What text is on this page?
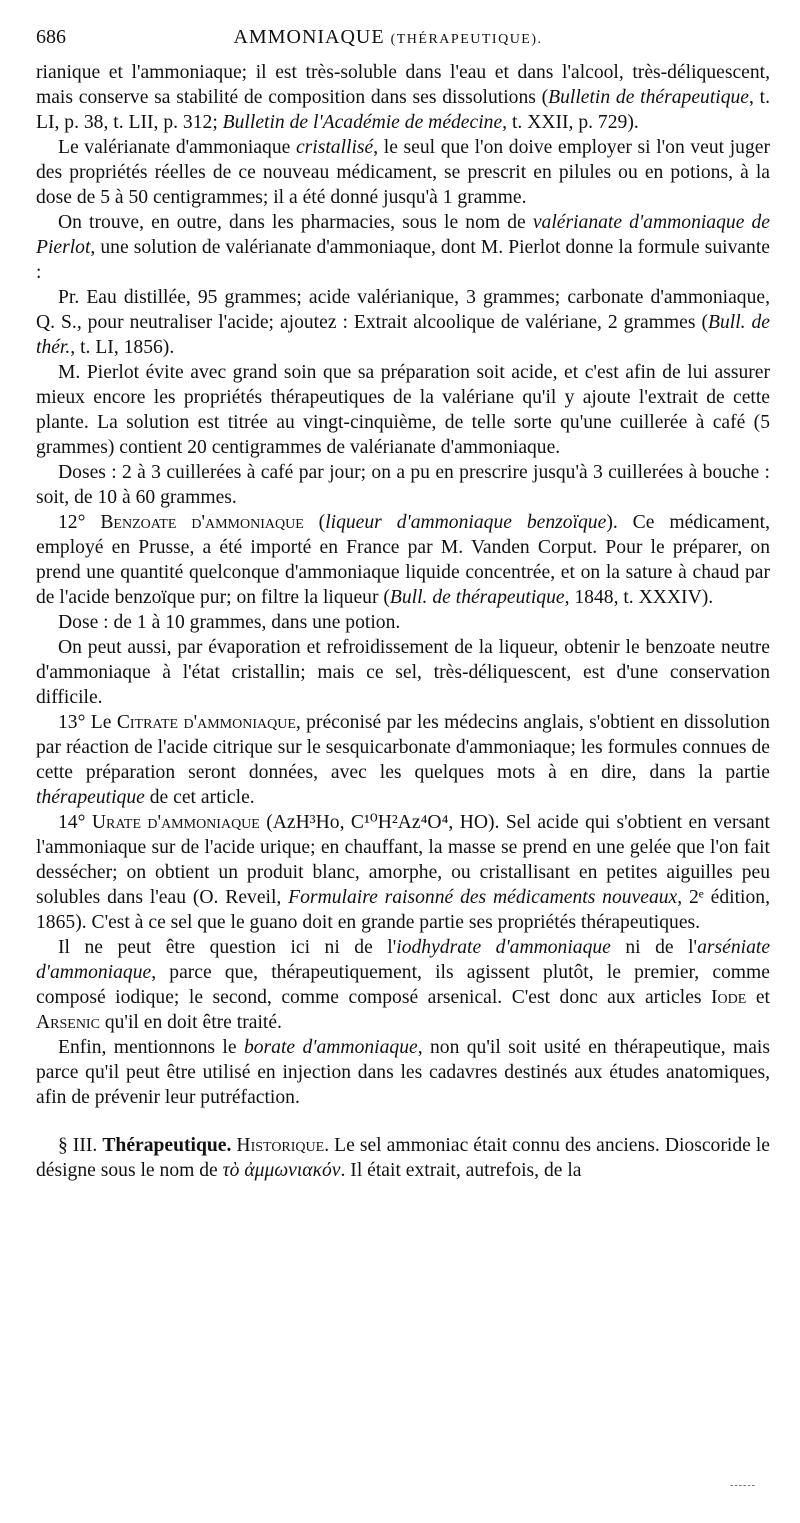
686	AMMONIAQUE (THÉRAPEUTIQUE).

rianique et l'ammoniaque; il est très-soluble dans l'eau et dans l'alcool, très-déliquescent, mais conserve sa stabilité de composition dans ses dissolutions (Bulletin de thérapeutique, t. LI, p. 38, t. LII, p. 312; Bulletin de l'Académie de médecine, t. XXII, p. 729).

Le valérianate d'ammoniaque cristallisé, le seul que l'on doive employer si l'on veut juger des propriétés réelles de ce nouveau médicament, se prescrit en pilules ou en potions, à la dose de 5 à 50 centigrammes; il a été donné jusqu'à 1 gramme.

On trouve, en outre, dans les pharmacies, sous le nom de valérianate d'ammoniaque de Pierlot, une solution de valérianate d'ammoniaque, dont M. Pierlot donne la formule suivante :

Pr. Eau distillée, 95 grammes; acide valérianique, 3 grammes; carbonate d'ammoniaque, Q. S., pour neutraliser l'acide; ajoutez : Extrait alcoolique de valériane, 2 grammes (Bull. de thér., t. LI, 1856).

M. Pierlot évite avec grand soin que sa préparation soit acide, et c'est afin de lui assurer mieux encore les propriétés thérapeutiques de la valériane qu'il y ajoute l'extrait de cette plante. La solution est titrée au vingt-cinquième, de telle sorte qu'une cuillerée à café (5 grammes) contient 20 centigrammes de valérianate d'ammoniaque.

Doses : 2 à 3 cuillerées à café par jour; on a pu en prescrire jusqu'à 3 cuillerées à bouche : soit, de 10 à 60 grammes.

12° Benzoate d'ammoniaque (liqueur d'ammoniaque benzoïque). Ce médicament, employé en Prusse, a été importé en France par M. Vanden Corput. Pour le préparer, on prend une quantité quelconque d'ammoniaque liquide concentrée, et on la sature à chaud par de l'acide benzoïque pur; on filtre la liqueur (Bull. de thérapeutique, 1848, t. XXXIV).

Dose : de 1 à 10 grammes, dans une potion.

On peut aussi, par évaporation et refroidissement de la liqueur, obtenir le benzoate neutre d'ammoniaque à l'état cristallin; mais ce sel, très-déliquescent, est d'une conservation difficile.

13° Le Citrate d'ammoniaque, préconisé par les médecins anglais, s'obtient en dissolution par réaction de l'acide citrique sur le sesquicarbonate d'ammoniaque; les formules connues de cette préparation seront données, avec les quelques mots à en dire, dans la partie thérapeutique de cet article.

14° Urate d'ammoniaque (AzH³Ho, C¹⁰H²Az⁴O⁴, HO). Sel acide qui s'obtient en versant l'ammoniaque sur de l'acide urique; en chauffant, la masse se prend en une gelée que l'on fait dessécher; on obtient un produit blanc, amorphe, ou cristallisant en petites aiguilles peu solubles dans l'eau (O. Reveil, Formulaire raisonné des médicaments nouveaux, 2ᵉ édition, 1865). C'est à ce sel que le guano doit en grande partie ses propriétés thérapeutiques.

Il ne peut être question ici ni de l'iodhydrate d'ammoniaque ni de l'arséniate d'ammoniaque, parce que, thérapeutiquement, ils agissent plutôt, le premier, comme composé iodique; le second, comme composé arsenical. C'est donc aux articles Iode et Arsenic qu'il en doit être traité.

Enfin, mentionnons le borate d'ammoniaque, non qu'il soit usité en thérapeutique, mais parce qu'il peut être utilisé en injection dans les cadavres destinés aux études anatomiques, afin de prévenir leur putréfaction.

§ III. Thérapeutique. Historique. Le sel ammoniac était connu des anciens. Dioscoride le désigne sous le nom de τὸ ἀμμωνιακόν. Il était extrait, autrefois, de la

------
